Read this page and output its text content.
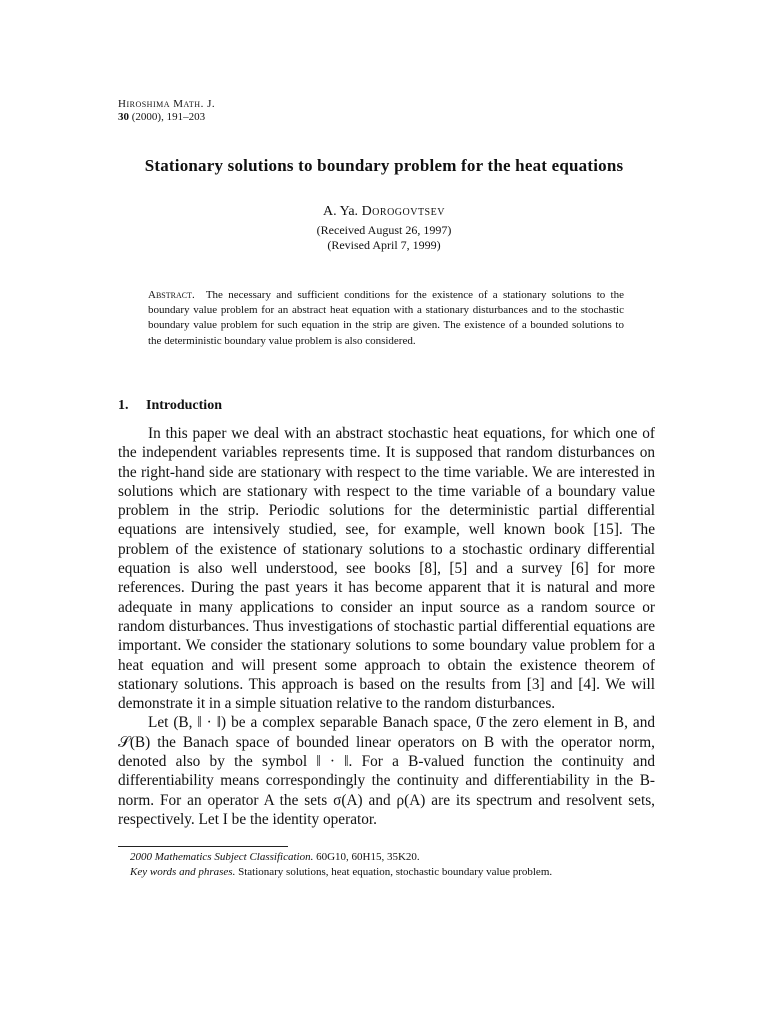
Hiroshima Math. J.
30 (2000), 191–203
Stationary solutions to boundary problem for the heat equations
A. Ya. Dorogovtsev
(Received August 26, 1997)
(Revised April 7, 1999)
Abstract. The necessary and sufficient conditions for the existence of a stationary solutions to the boundary value problem for an abstract heat equation with a stationary disturbances and to the stochastic boundary value problem for such equation in the strip are given. The existence of a bounded solutions to the deterministic boundary value problem is also considered.
1. Introduction

In this paper we deal with an abstract stochastic heat equations, for which one of the independent variables represents time. It is supposed that random disturbances on the right-hand side are stationary with respect to the time variable. We are interested in solutions which are stationary with respect to the time variable of a boundary value problem in the strip. Periodic solutions for the deterministic partial differential equations are intensively studied, see, for example, well known book [15]. The problem of the existence of stationary solutions to a stochastic ordinary differential equation is also well understood, see books [8], [5] and a survey [6] for more references. During the past years it has become apparent that it is natural and more adequate in many applications to consider an input source as a random source or random disturbances. Thus investigations of stochastic partial differential equations are important. We consider the stationary solutions to some boundary value problem for a heat equation and will present some approach to obtain the existence theorem of stationary solutions. This approach is based on the results from [3] and [4]. We will demonstrate it in a simple situation relative to the random disturbances.

Let (B, ‖ · ‖) be a complex separable Banach space, 0̄ the zero element in B, and 𝒮(B) the Banach space of bounded linear operators on B with the operator norm, denoted also by the symbol ‖ · ‖. For a B-valued function the continuity and differentiability means correspondingly the continuity and differentiability in the B-norm. For an operator A the sets σ(A) and ρ(A) are its spectrum and resolvent sets, respectively. Let I be the identity operator.

2000 Mathematics Subject Classification. 60G10, 60H15, 35K20.
Key words and phrases. Stationary solutions, heat equation, stochastic boundary value problem.
